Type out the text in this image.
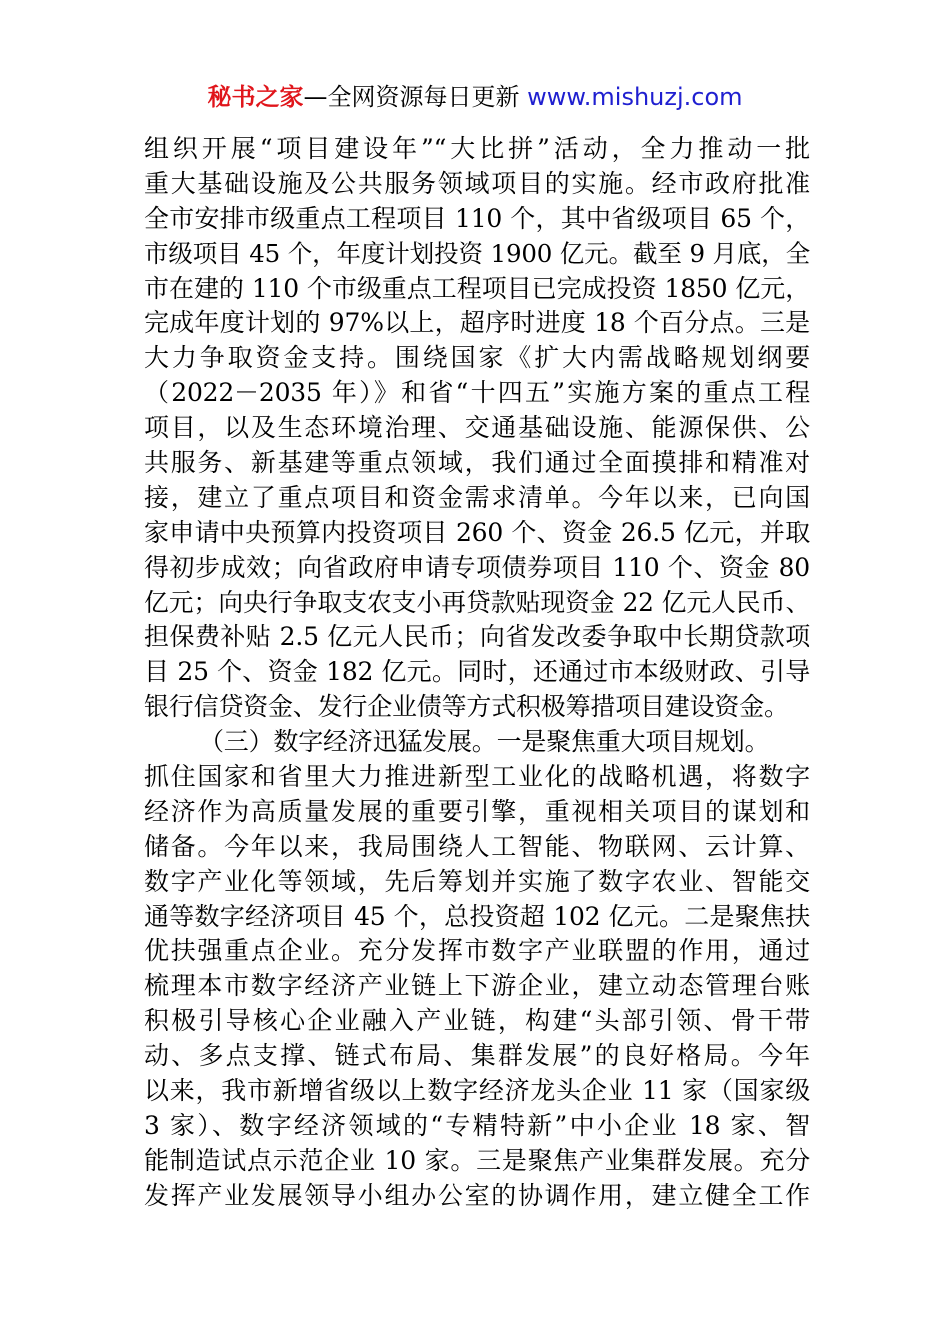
秘书之家—全网资源每日更新 www.mishuzj.com
组织开展“项目建设年”“大比拼”活动，全力推动一批
重大基础设施及公共服务领域项目的实施。经市政府批准
全市安排市级重点工程项目 110 个，其中省级项目 65 个，
市级项目 45 个，年度计划投资 1900 亿元。截至 9 月底，全
市在建的 110 个市级重点工程项目已完成投资 1850 亿元，
完成年度计划的 97%以上，超序时进度 18 个百分点。三是
大力争取资金支持。围绕国家《扩大内需战略规划纲要
（2022－2035 年）》和省“十四五”实施方案的重点工程
项目，以及生态环境治理、交通基础设施、能源保供、公
共服务、新基建等重点领域，我们通过全面摸排和精准对
接，建立了重点项目和资金需求清单。今年以来，已向国
家申请中央预算内投资项目 260 个、资金 26.5 亿元，并取
得初步成效；向省政府申请专项债券项目 110 个、资金 80
亿元；向央行争取支农支小再贷款贴现资金 22 亿元人民币、
担保费补贴 2.5 亿元人民币；向省发改委争取中长期贷款项
目 25 个、资金 182 亿元。同时，还通过市本级财政、引导
银行信贷资金、发行企业债等方式积极筹措项目建设资金。
（三）数字经济迅猛发展。一是聚焦重大项目规划。
抓住国家和省里大力推进新型工业化的战略机遇，将数字
经济作为高质量发展的重要引擎，重视相关项目的谋划和
储备。今年以来，我局围绕人工智能、物联网、云计算、
数字产业化等领域，先后筹划并实施了数字农业、智能交
通等数字经济项目 45 个，总投资超 102 亿元。二是聚焦扶
优扶强重点企业。充分发挥市数字产业联盟的作用，通过
梳理本市数字经济产业链上下游企业，建立动态管理台账
积极引导核心企业融入产业链，构建“头部引领、骨干带
动、多点支撑、链式布局、集群发展”的良好格局。今年
以来，我市新增省级以上数字经济龙头企业 11 家（国家级
3 家）、数字经济领域的“专精特新”中小企业 18 家、智
能制造试点示范企业 10 家。三是聚焦产业集群发展。充分
发挥产业发展领导小组办公室的协调作用，建立健全工作
